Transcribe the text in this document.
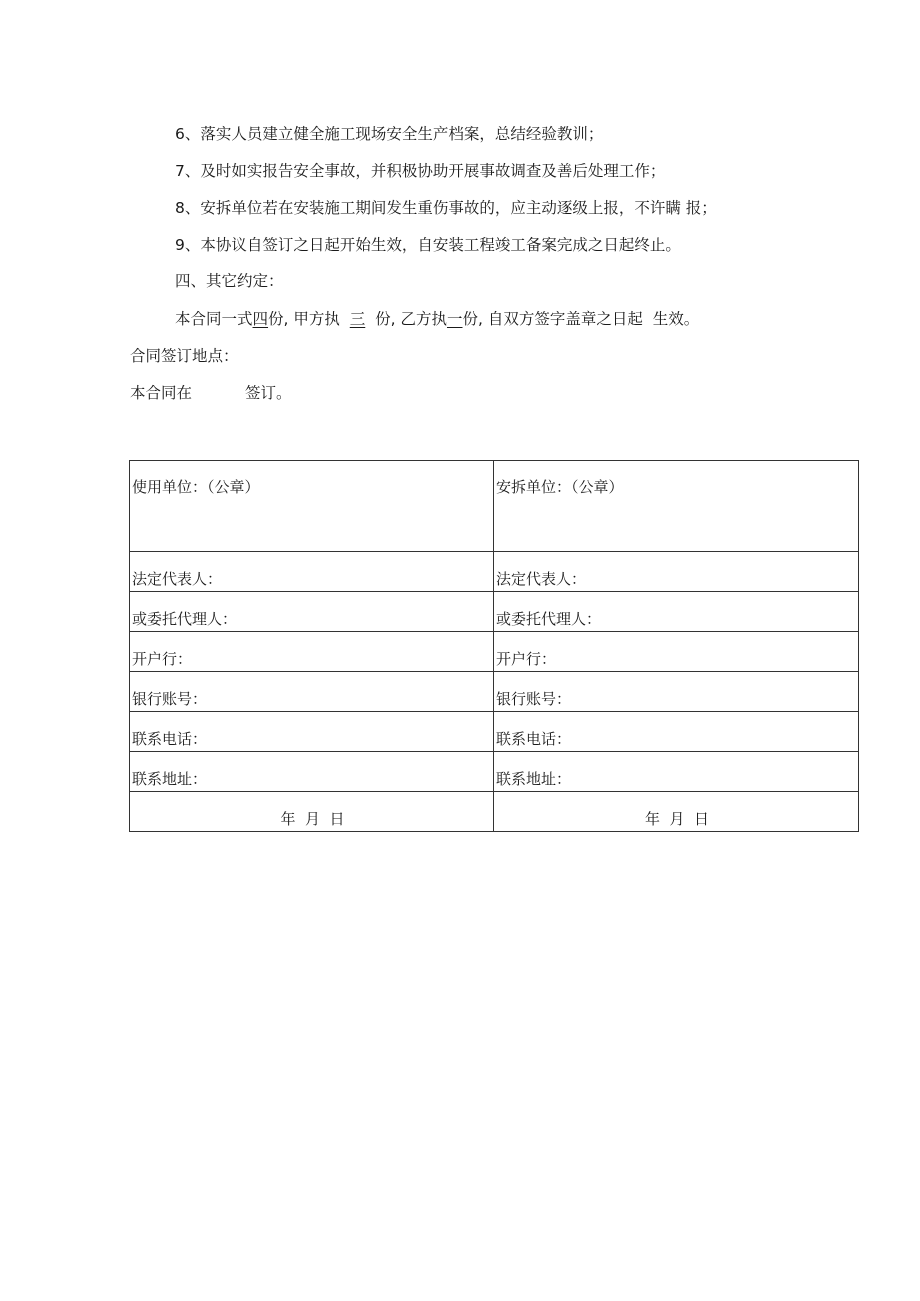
6、落实人员建立健全施工现场安全生产档案，总结经验教训；
7、及时如实报告安全事故，并积极协助开展事故调查及善后处理工作；
8、安拆单位若在安装施工期间发生重伤事故的，应主动逐级上报，不许瞒 报；
9、本协议自签订之日起开始生效，自安装工程竣工备案完成之日起终止。
四、其它约定：
本合同一式四份, 甲方执  三  份, 乙方执一份, 自双方签字盖章之日起  生效。
合同签订地点：
本合同在	签订。
使用单位：（公章）	安拆单位：（公章）
法定代表人：	法定代表人：
或委托代理人：	或委托代理人：
开户行：	开户行：
银行账号：	银行账号：
联系电话：	联系电话：
联系地址：	联系地址：
年  月  日	年  月  日
